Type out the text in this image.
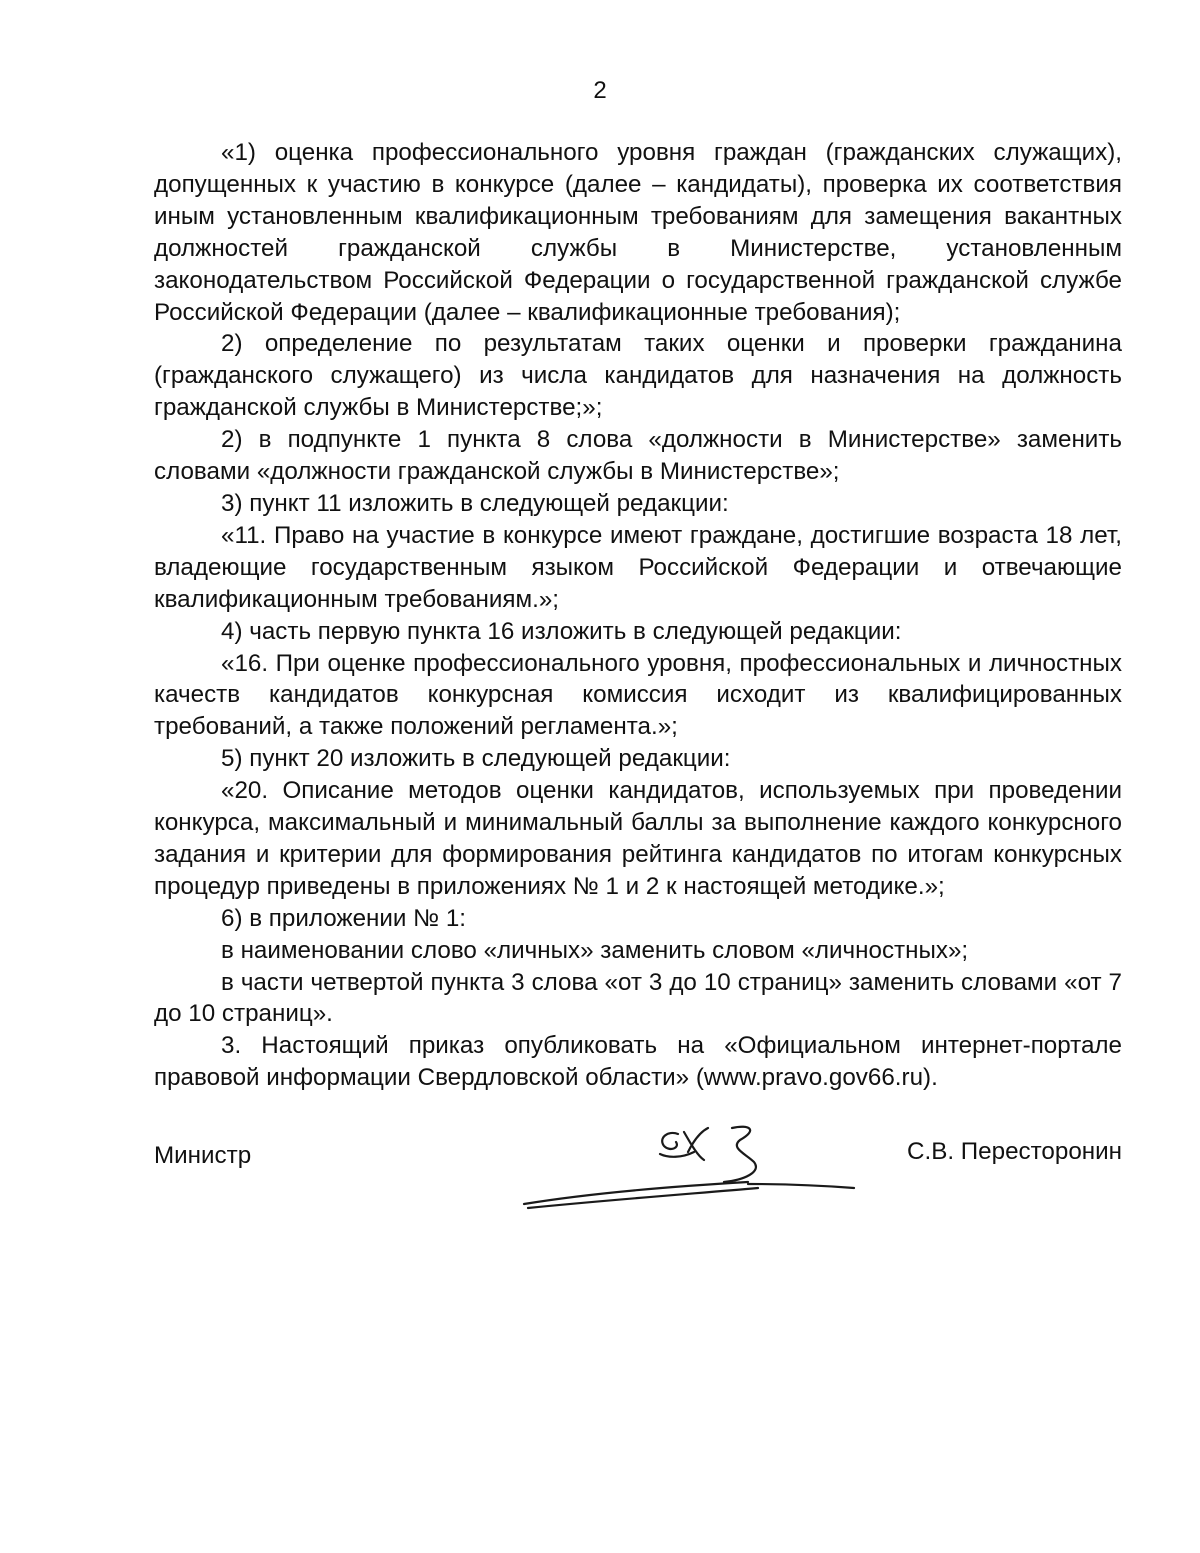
2

«1) оценка профессионального уровня граждан (гражданских служащих), допущенных к участию в конкурсе (далее – кандидаты), проверка их соответствия иным установленным квалификационным требованиям для замещения вакантных должностей гражданской службы в Министерстве, установленным законодательством Российской Федерации о государственной гражданской службе Российской Федерации (далее – квалификационные требования);

2) определение по результатам таких оценки и проверки гражданина (гражданского служащего) из числа кандидатов для назначения на должность гражданской службы в Министерстве;»;

2) в подпункте 1 пункта 8 слова «должности в Министерстве» заменить словами «должности гражданской службы в Министерстве»;

3) пункт 11 изложить в следующей редакции:

«11. Право на участие в конкурсе имеют граждане, достигшие возраста 18 лет, владеющие государственным языком Российской Федерации и отвечающие квалификационным требованиям.»;

4) часть первую пункта 16 изложить в следующей редакции:

«16. При оценке профессионального уровня, профессиональных и личностных качеств кандидатов конкурсная комиссия исходит из квалифицированных требований, а также положений регламента.»;

5) пункт 20 изложить в следующей редакции:

«20. Описание методов оценки кандидатов, используемых при проведении конкурса, максимальный и минимальный баллы за выполнение каждого конкурсного задания и критерии для формирования рейтинга кандидатов по итогам конкурсных процедур приведены в приложениях № 1 и 2 к настоящей методике.»;

6) в приложении № 1:

в наименовании слово «личных» заменить словом «личностных»;

в части четвертой пункта 3 слова «от 3 до 10 страниц» заменить словами «от 7 до 10 страниц».

3. Настоящий приказ опубликовать на «Официальном интернет-портале правовой информации Свердловской области» (www.pravo.gov66.ru).

Министр	С.В. Пересторонин
